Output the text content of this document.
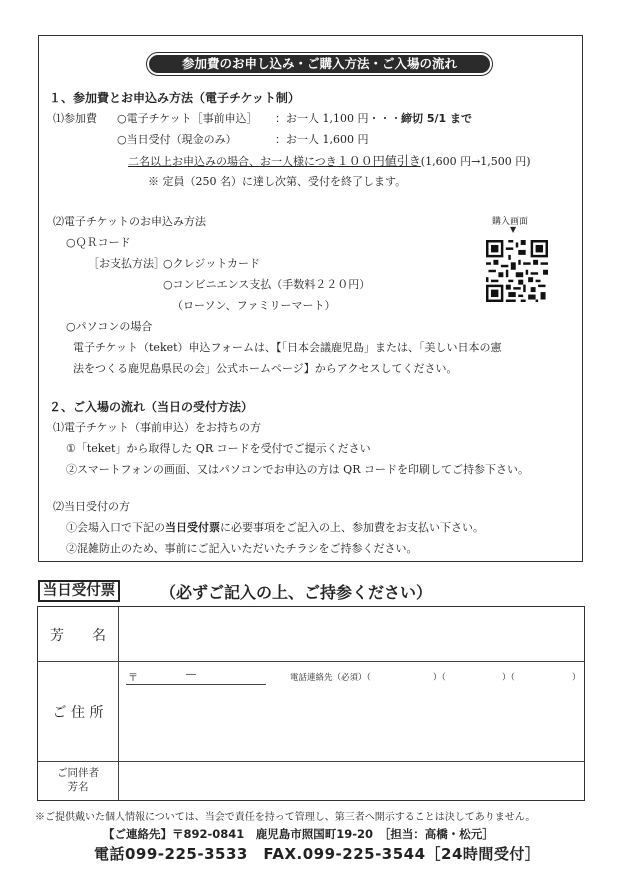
参加費のお申し込み・ご購入方法・ご入場の流れ
１、参加費とお申込み方法（電子チケット制）
⑴参加費 ○電子チケット［事前申込］ ：お一人 1,100 円・・・ 締切 5/1 まで
○当日受付（現金のみ）	：お一人 1,600 円
二名以上お申込みの場合、お一人様につき１００円値引き(1,600 円→1,500 円)
※ 定員（250 名）に達し次第、受付を終了します。
⑵電子チケットのお申込み方法	購入画面
▼
○ＱＲコード
［お支払方法］
○クレジットカード
○コンビニエンス支払（手数料２２０円）
（ローソン、ファミリーマート）
○パソコンの場合
電子チケット（teket）申込フォームは、【「日本会議鹿児島」または、「美しい日本の憲
法をつくる鹿児島県民の会」公式ホームページ】からアクセスしてください。
２、ご入場の流れ（当日の受付方法）
⑴電子チケット（事前申込）をお持ちの方
①「teket」から取得した QR コードを受付でご提示ください
②スマートフォンの画面、又はパソコンでお申込の方は QR コードを印刷してご持参下さい。
⑵当日受付の方
①会場入口で下記の当日受付票に必要事項をご記入の上、参加費をお支払い下さい。
②混雑防止のため、事前にご記入いただいたチラシをご持参ください。
当日受付票	（必ずご記入の上、ご持参ください）
芳　　名
ご 住 所
〒	―	電話連絡先（必須）（	）（	）（	）
ご同伴者
芳名
※ご提供戴いた個人情報については、当会で責任を持って管理し、第三者へ開示することは決してありません。
【ご連絡先】〒892-0841　鹿児島市照国町19-20　［担当：高橋・松元］
電話099-225-3533　FAX.099-225-3544［24時間受付］
